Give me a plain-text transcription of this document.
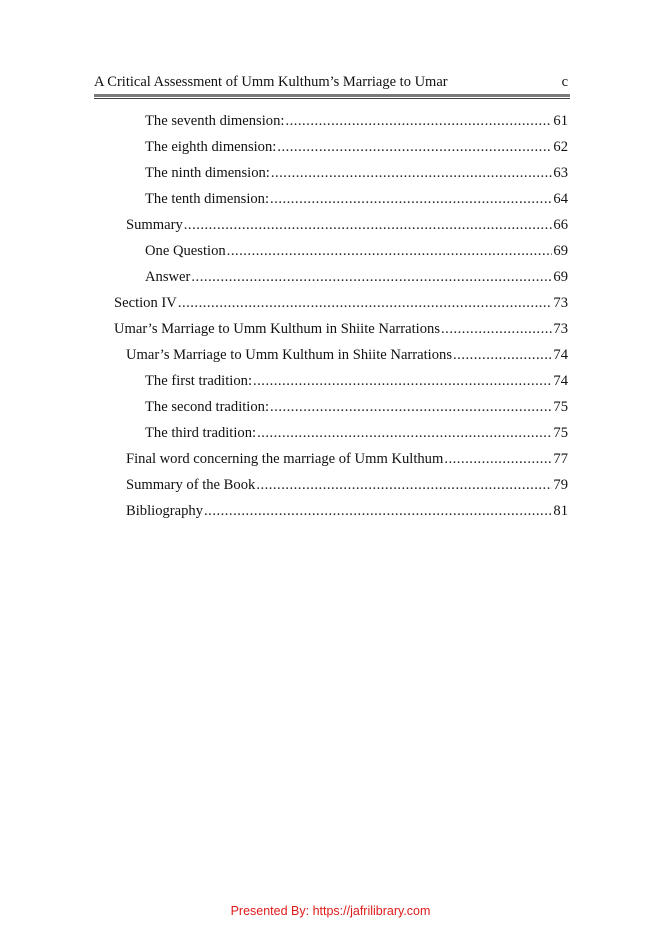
A Critical Assessment of Umm Kulthum’s Marriage to Umar	c
The seventh dimension: .....	61
The eighth dimension: .....	62
The ninth dimension: .....	63
The tenth dimension: .....	64
Summary .....	66
One Question .....	69
Answer .....	69
Section IV .....	73
Umar’s Marriage to Umm Kulthum in Shiite Narrations .....	73
Umar’s Marriage to Umm Kulthum in Shiite Narrations .....	74
The first tradition: .....	74
The second tradition: .....	75
The third tradition: .....	75
Final word concerning the marriage of Umm Kulthum .....	77
Summary of the Book .....	79
Bibliography .....	81
Presented By: https://jafrilibrary.com
